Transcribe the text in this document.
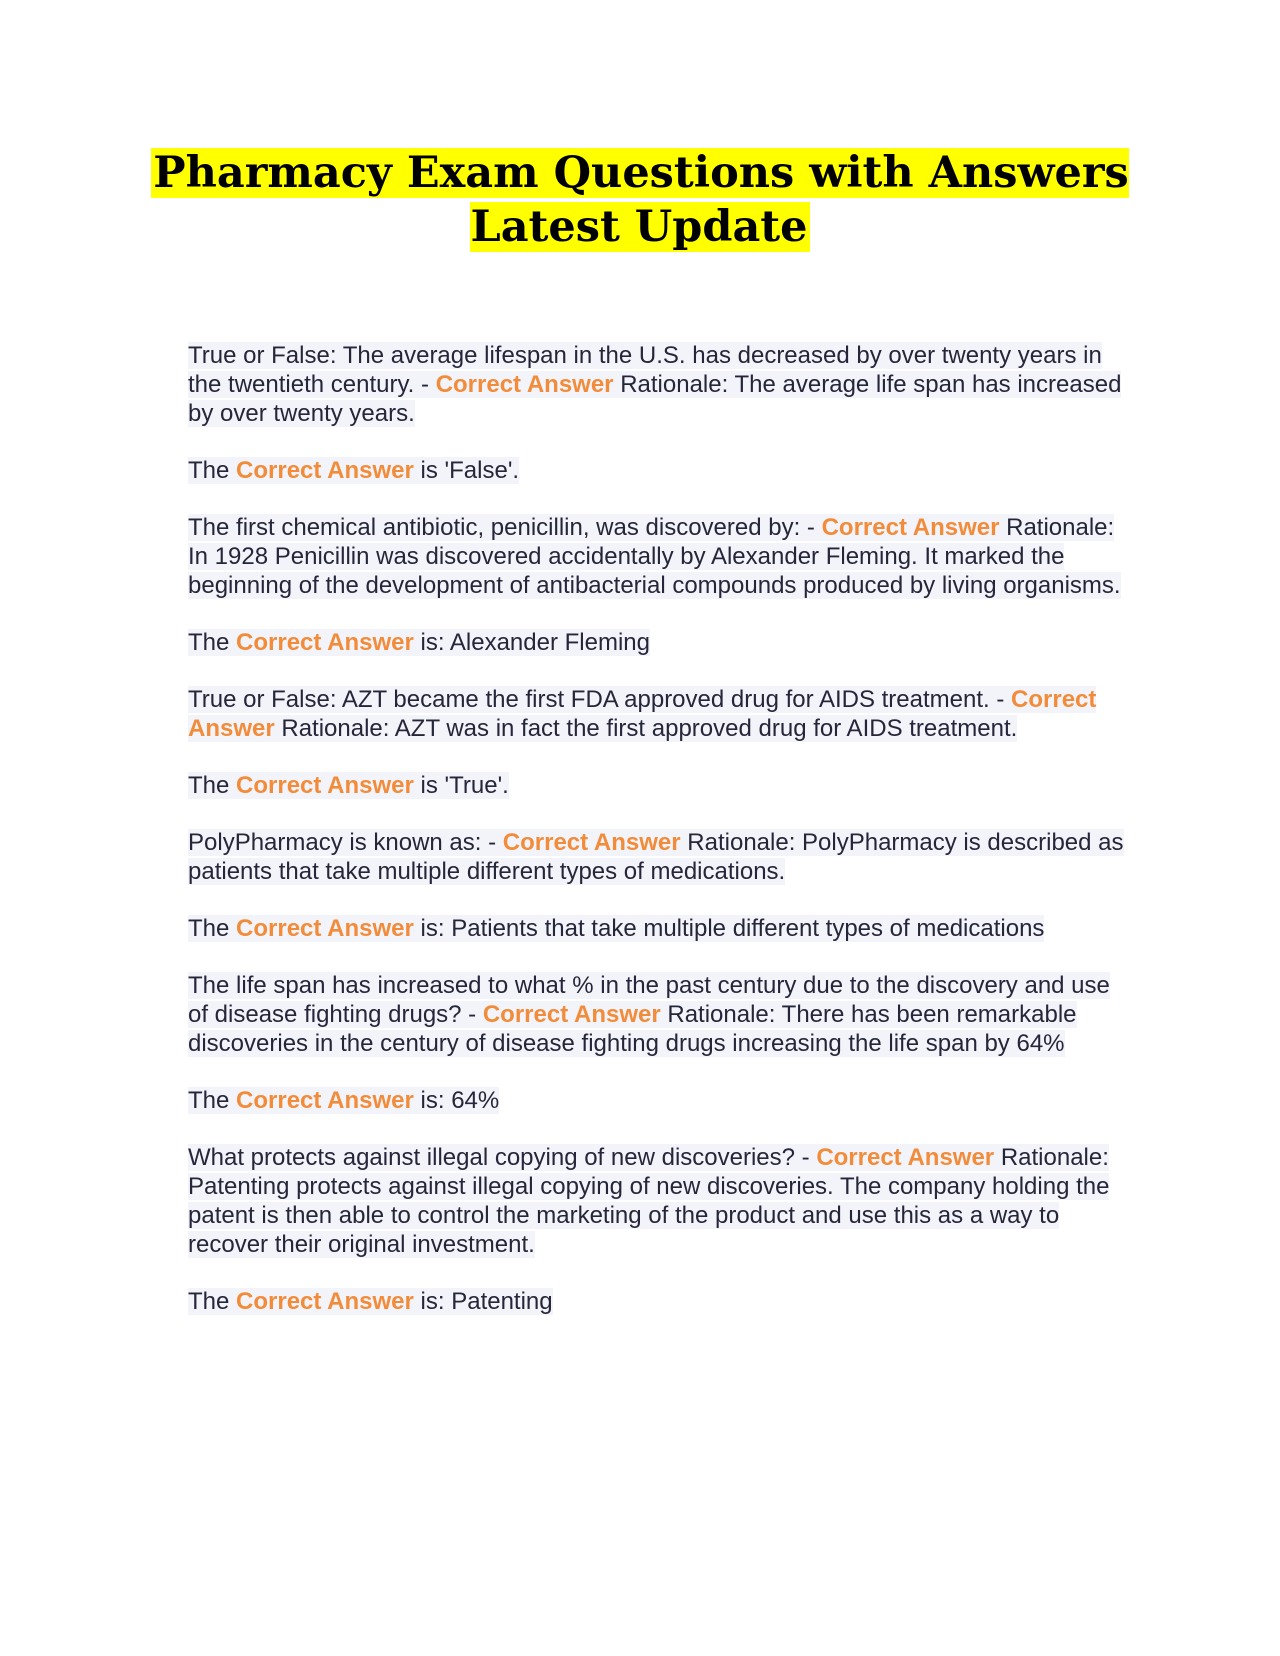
Pharmacy Exam Questions with Answers Latest Update

True or False: The average lifespan in the U.S. has decreased by over twenty years in the twentieth century. - Correct Answer Rationale: The average life span has increased by over twenty years.

The Correct Answer is 'False'.

The first chemical antibiotic, penicillin, was discovered by: - Correct Answer Rationale: In 1928 Penicillin was discovered accidentally by Alexander Fleming. It marked the beginning of the development of antibacterial compounds produced by living organisms.

The Correct Answer is: Alexander Fleming

True or False: AZT became the first FDA approved drug for AIDS treatment. - Correct Answer Rationale: AZT was in fact the first approved drug for AIDS treatment.

The Correct Answer is 'True'.

PolyPharmacy is known as: - Correct Answer Rationale: PolyPharmacy is described as patients that take multiple different types of medications.

The Correct Answer is: Patients that take multiple different types of medications

The life span has increased to what % in the past century due to the discovery and use of disease fighting drugs? - Correct Answer Rationale: There has been remarkable discoveries in the century of disease fighting drugs increasing the life span by 64%

The Correct Answer is: 64%

What protects against illegal copying of new discoveries? - Correct Answer Rationale: Patenting protects against illegal copying of new discoveries. The company holding the patent is then able to control the marketing of the product and use this as a way to recover their original investment.

The Correct Answer is: Patenting
